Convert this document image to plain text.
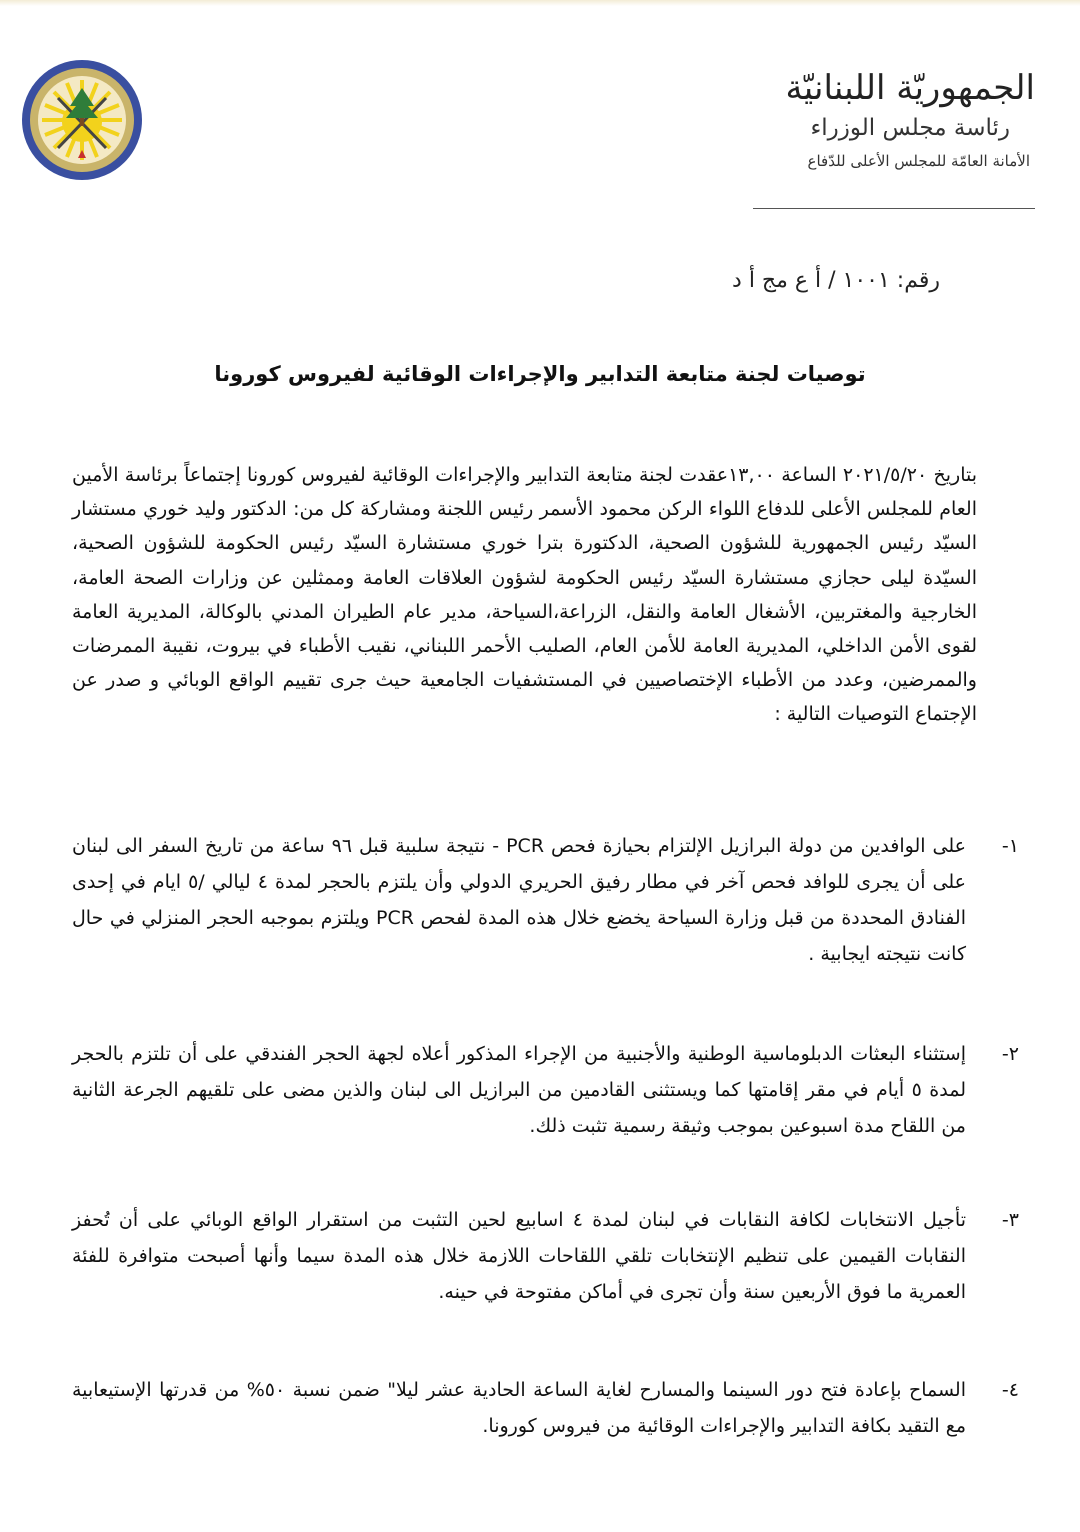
الجمهوريّة اللبنانيّة
رئاسة مجلس الوزراء
الأمانة العامّة للمجلس الأعلى للدّفاع
رقم: ١٠٠١ / أ ع مج أ د
توصيات لجنة متابعة التدابير والإجراءات الوقائية لفيروس كورونا
بتاريخ ٢٠٢١/٥/٢٠ الساعة ١٣,٠٠عقدت لجنة متابعة التدابير والإجراءات الوقائية لفيروس كورونا إجتماعاً برئاسة الأمين العام للمجلس الأعلى للدفاع اللواء الركن محمود الأسمر رئيس اللجنة ومشاركة كل من: الدكتور وليد خوري مستشار السيّد رئيس الجمهورية للشؤون الصحية، الدكتورة بترا خوري مستشارة السيّد رئيس الحكومة للشؤون الصحية، السيّدة ليلى حجازي مستشارة السيّد رئيس الحكومة لشؤون العلاقات العامة وممثلين عن وزارات الصحة العامة، الخارجية والمغتربين، الأشغال العامة والنقل، الزراعة،السياحة، مدير عام الطيران المدني بالوكالة، المديرية العامة لقوى الأمن الداخلي، المديرية العامة للأمن العام، الصليب الأحمر اللبناني، نقيب الأطباء في بيروت، نقيبة الممرضات والممرضين، وعدد من الأطباء الإختصاصيين في المستشفيات الجامعية حيث جرى تقييم الواقع الوبائي و صدر عن الإجتماع التوصيات التالية :
١-
على الوافدين من دولة البرازيل الإلتزام بحيازة فحص PCR - نتيجة سلبية قبل ٩٦ ساعة من تاريخ السفر الى لبنان على أن يجرى للوافد فحص آخر في مطار رفيق الحريري الدولي وأن يلتزم بالحجر لمدة ٤ ليالي /٥ ايام في إحدى الفنادق المحددة من قبل وزارة السياحة يخضع خلال هذه المدة لفحص PCR ويلتزم بموجبه الحجر المنزلي في حال كانت نتيجته ايجابية .
٢-
إستثناء البعثات الدبلوماسية الوطنية والأجنبية من الإجراء المذكور أعلاه لجهة الحجر الفندقي على أن تلتزم بالحجر لمدة ٥ أيام في مقر إقامتها كما ويستثنى القادمين من البرازيل الى لبنان والذين مضى على تلقيهم الجرعة الثانية من اللقاح مدة اسبوعين بموجب وثيقة رسمية تثبت ذلك.
٣-
تأجيل الانتخابات لكافة النقابات في لبنان لمدة ٤ اسابيع لحين التثبت من استقرار الواقع الوبائي على أن تُحفز النقابات القيمين على تنظيم الإنتخابات تلقي اللقاحات اللازمة خلال هذه المدة سيما وأنها أصبحت متوافرة للفئة العمرية ما فوق الأربعين سنة وأن تجرى في أماكن مفتوحة في حينه.
٤-
السماح بإعادة فتح دور السينما والمسارح لغاية الساعة الحادية عشر ليلا" ضمن نسبة ٥٠% من قدرتها الإستيعابية مع التقيد بكافة التدابير والإجراءات الوقائية من فيروس كورونا.
